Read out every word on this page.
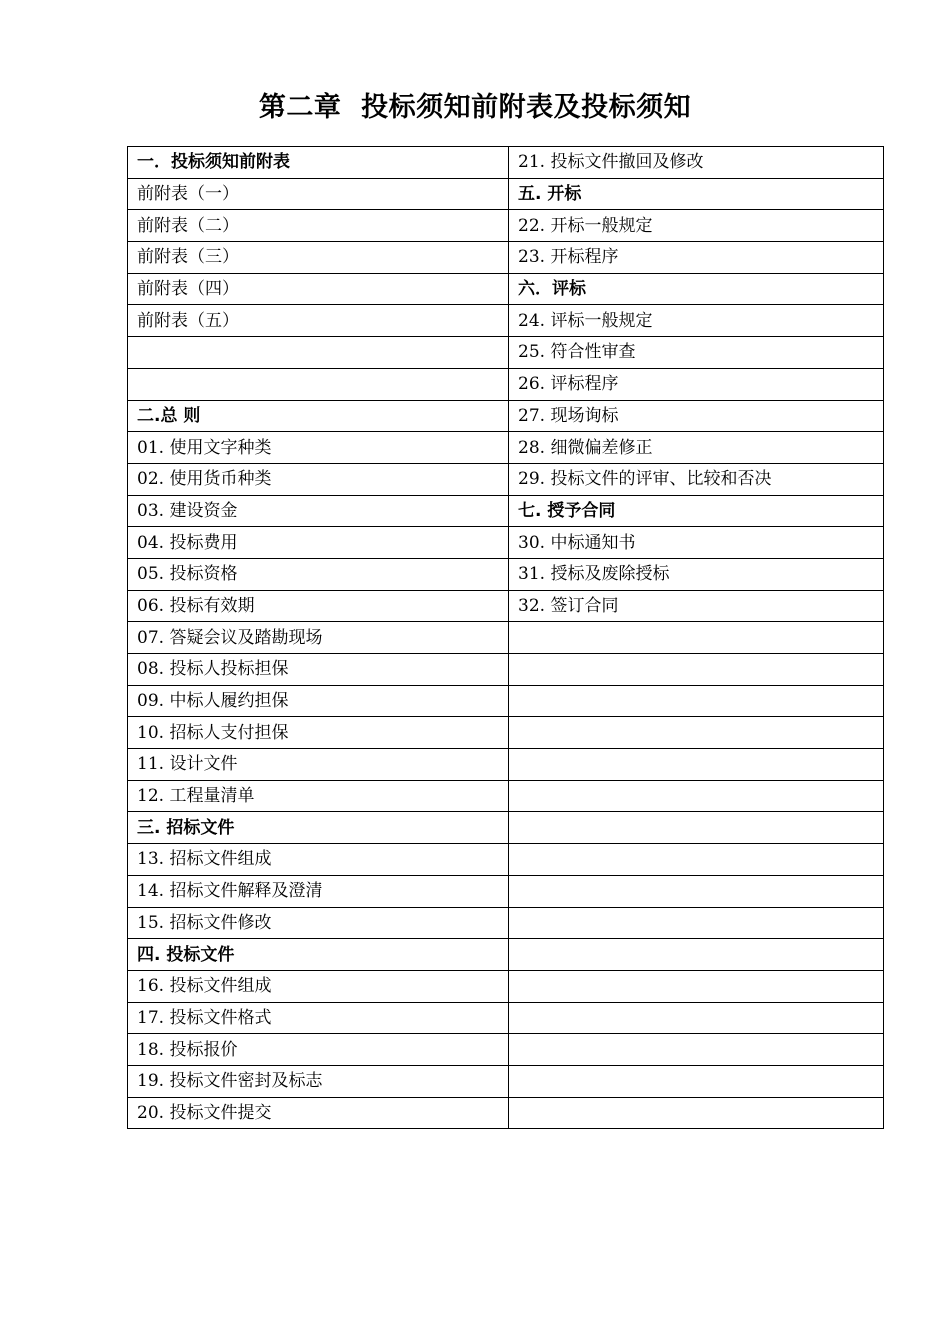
第二章  投标须知前附表及投标须知
一．投标须知前附表	21. 投标文件撤回及修改
前附表（一）	五. 开标
前附表（二）	22. 开标一般规定
前附表（三）	23. 开标程序
前附表（四）	六．评标
前附表（五）	24. 评标一般规定
	25. 符合性审查
	26. 评标程序
二.总 则	27. 现场询标
01. 使用文字种类	28. 细微偏差修正
02. 使用货币种类	29. 投标文件的评审、比较和否决
03. 建设资金	七. 授予合同
04. 投标费用	30. 中标通知书
05. 投标资格	31. 授标及废除授标
06. 投标有效期	32. 签订合同
07. 答疑会议及踏勘现场	
08. 投标人投标担保	
09. 中标人履约担保	
10. 招标人支付担保	
11. 设计文件	
12. 工程量清单	
三. 招标文件	
13. 招标文件组成	
14. 招标文件解释及澄清	
15. 招标文件修改	
四. 投标文件	
16. 投标文件组成	
17. 投标文件格式	
18. 投标报价	
19. 投标文件密封及标志	
20. 投标文件提交	
